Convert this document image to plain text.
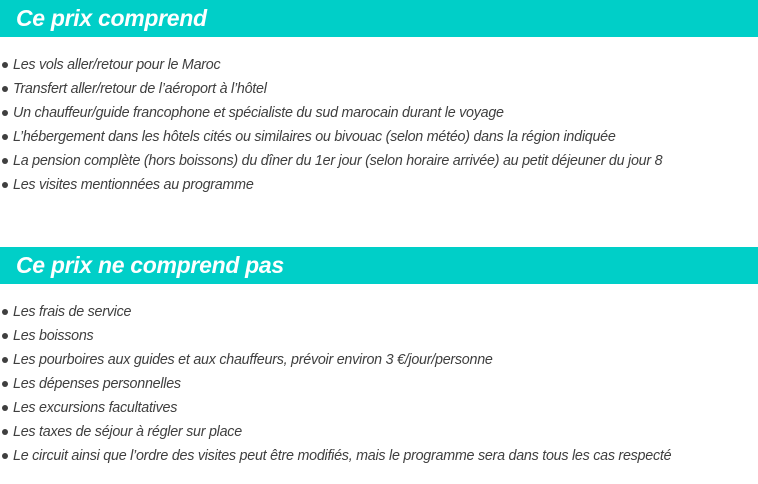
Ce prix comprend
Les vols aller/retour pour le Maroc
Transfert aller/retour de l’aéroport à l’hôtel
Un chauffeur/guide francophone et spécialiste du sud marocain durant le voyage
L’hébergement dans les hôtels cités ou similaires ou bivouac (selon météo) dans la région indiquée
La pension complète (hors boissons) du dîner du 1er jour (selon horaire arrivée) au petit déjeuner du jour 8
Les visites mentionnées au programme
Ce prix ne comprend pas
Les frais de service
Les boissons
Les pourboires aux guides et aux chauffeurs, prévoir environ 3 €/jour/personne
Les dépenses personnelles
Les excursions facultatives
Les taxes de séjour à régler sur place
Le circuit ainsi que l’ordre des visites peut être modifiés, mais le programme sera dans tous les cas respecté
